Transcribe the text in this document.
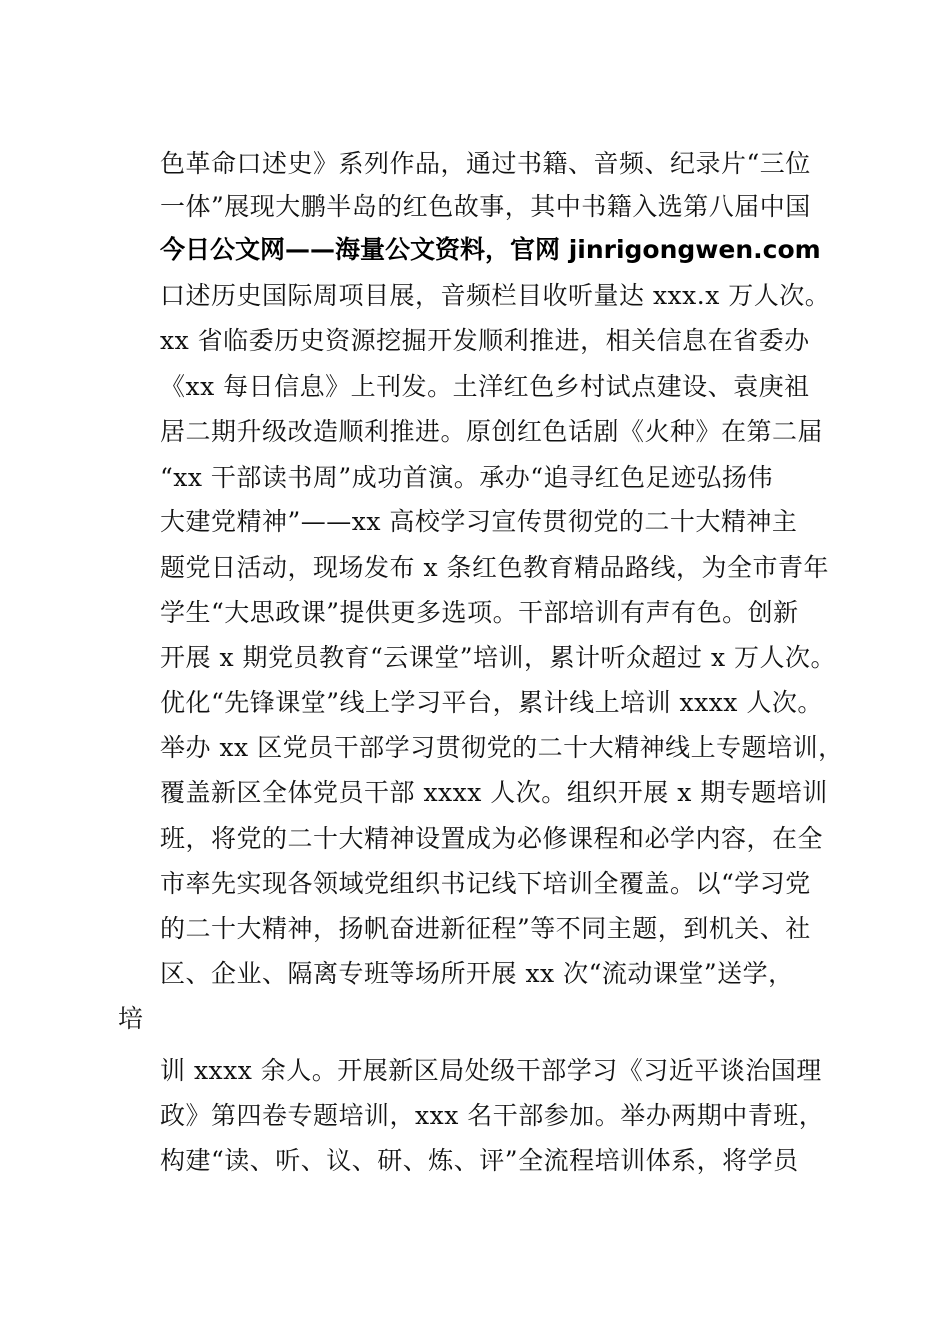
色革命口述史》系列作品，通过书籍、音频、纪录片“三位
一体”展现大鹏半岛的红色故事，其中书籍入选第八届中国
今日公文网——海量公文资料，官网 jinrigongwen.com
口述历史国际周项目展，音频栏目收听量达 xxx.x 万人次。
xx 省临委历史资源挖掘开发顺利推进，相关信息在省委办
《xx 每日信息》上刊发。土洋红色乡村试点建设、袁庚祖
居二期升级改造顺利推进。原创红色话剧《火种》在第二届
“xx 干部读书周”成功首演。承办“追寻红色足迹弘扬伟
大建党精神”——xx 高校学习宣传贯彻党的二十大精神主
题党日活动，现场发布 x 条红色教育精品路线，为全市青年
学生“大思政课”提供更多选项。干部培训有声有色。创新
开展 x 期党员教育“云课堂”培训，累计听众超过 x 万人次。
优化“先锋课堂”线上学习平台，累计线上培训 xxxx 人次。
举办 xx 区党员干部学习贯彻党的二十大精神线上专题培训，
覆盖新区全体党员干部 xxxx 人次。组织开展 x 期专题培训
班，将党的二十大精神设置成为必修课程和必学内容，在全
市率先实现各领域党组织书记线下培训全覆盖。以“学习党
的二十大精神，扬帆奋进新征程”等不同主题，到机关、社
区、企业、隔离专班等场所开展 xx 次“流动课堂”送学，
培
训 xxxx 余人。开展新区局处级干部学习《习近平谈治国理
政》第四卷专题培训，xxx 名干部参加。举办两期中青班，
构建“读、听、议、研、炼、评”全流程培训体系，将学员
